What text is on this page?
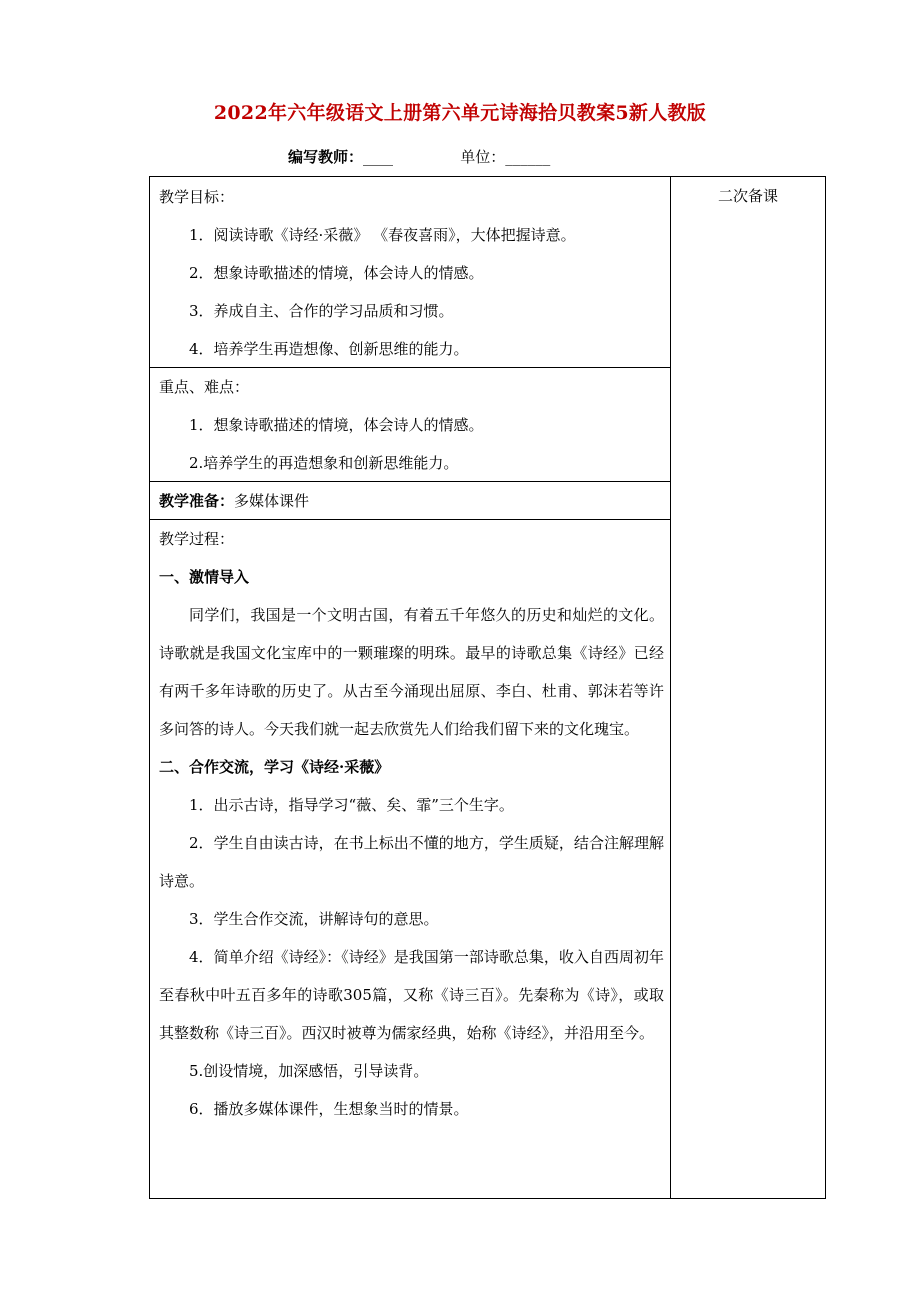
2022年六年级语文上册第六单元诗海拾贝教案5新人教版
编写教师：____	单位：______
二次备课

教学目标：

1．阅读诗歌《诗经·采薇》 《春夜喜雨》，大体把握诗意。

2．想象诗歌描述的情境，体会诗人的情感。

3．养成自主、合作的学习品质和习惯。

4．培养学生再造想像、创新思维的能力。

重点、难点：

1．想象诗歌描述的情境，体会诗人的情感。

2.培养学生的再造想象和创新思维能力。

教学准备：多媒体课件

教学过程：

一、激情导入

同学们，我国是一个文明古国，有着五千年悠久的历史和灿烂的文化。诗歌就是我国文化宝库中的一颗璀璨的明珠。最早的诗歌总集《诗经》已经有两千多年诗歌的历史了。从古至今涌现出屈原、李白、杜甫、郭沫若等许多问答的诗人。今天我们就一起去欣赏先人们给我们留下来的文化瑰宝。

二、合作交流，学习《诗经·采薇》

1．出示古诗，指导学习“薇、矣、霏”三个生字。

2．学生自由读古诗，在书上标出不懂的地方，学生质疑，结合注解理解诗意。

3．学生合作交流，讲解诗句的意思。

4．简单介绍《诗经》：《诗经》是我国第一部诗歌总集，收入自西周初年至春秋中叶五百多年的诗歌305篇，又称《诗三百》。先秦称为《诗》，或取其整数称《诗三百》。西汉时被尊为儒家经典，始称《诗经》，并沿用至今。

5.创设情境，加深感悟，引导读背。

6．播放多媒体课件，生想象当时的情景。
